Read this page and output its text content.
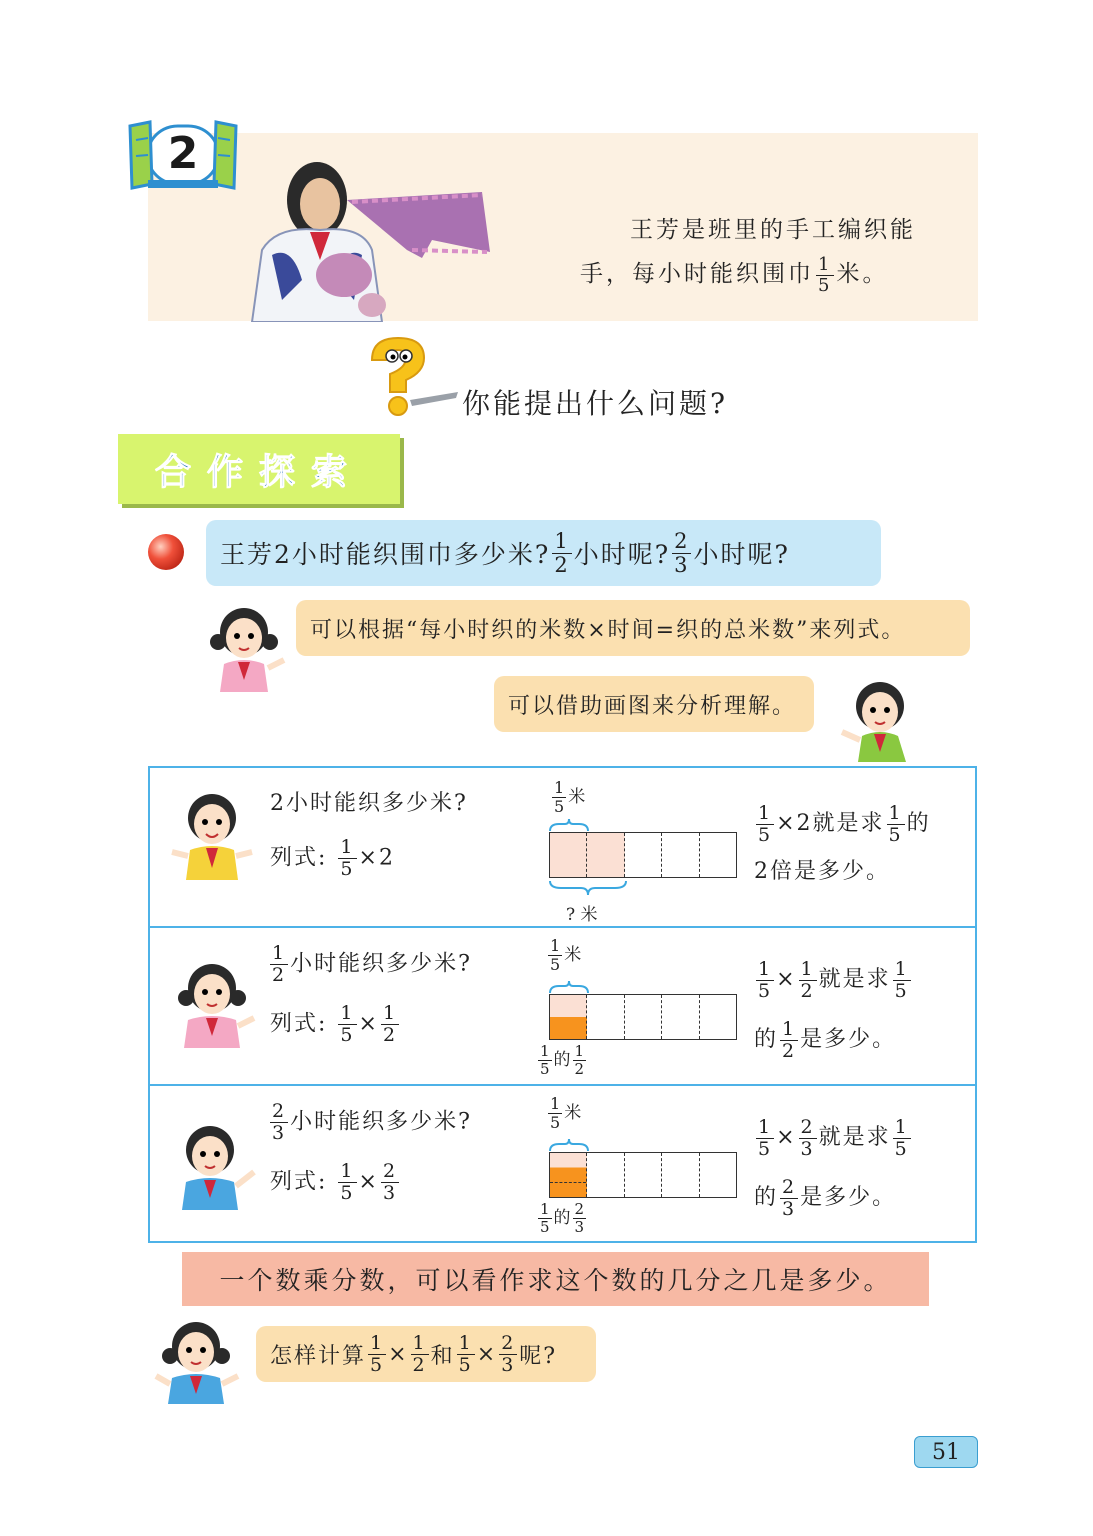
2
王芳是班里的手工编织能
手，每小时能织围巾 $\frac{1}{5}$ 米。
你能提出什么问题?
合作探索
王芳2小时能织围巾多少米? $\frac{1}{2}$ 小时呢? $\frac{2}{3}$ 小时呢?
可以根据“每小时织的米数×时间=织的总米数”来列式。
可以借助画图来分析理解。
2小时能织多少米?
列式: $\frac{1}{5} \times 2$
$\frac{1}{5}$ 米
? 米
$\frac{1}{5} \times 2$就是求 $\frac{1}{5}$ 的
2倍是多少。
$\frac{1}{2}$ 小时能织多少米?
列式: $\frac{1}{5} \times \frac{1}{2}$
$\frac{1}{5}$ 米
$\frac{1}{5}$ 的 $\frac{1}{2}$
$\frac{1}{5} \times \frac{1}{2}$ 就是求 $\frac{1}{5}$
的 $\frac{1}{2}$ 是多少。
$\frac{2}{3}$ 小时能织多少米?
列式: $\frac{1}{5} \times \frac{2}{3}$
$\frac{1}{5}$ 米
$\frac{1}{5}$ 的 $\frac{2}{3}$
$\frac{1}{5} \times \frac{2}{3}$ 就是求 $\frac{1}{5}$
的 $\frac{2}{3}$ 是多少。
一个数乘分数，可以看作求这个数的几分之几是多少。
怎样计算 $\frac{1}{5} \times \frac{1}{2}$ 和 $\frac{1}{5} \times \frac{2}{3}$ 呢?
51
